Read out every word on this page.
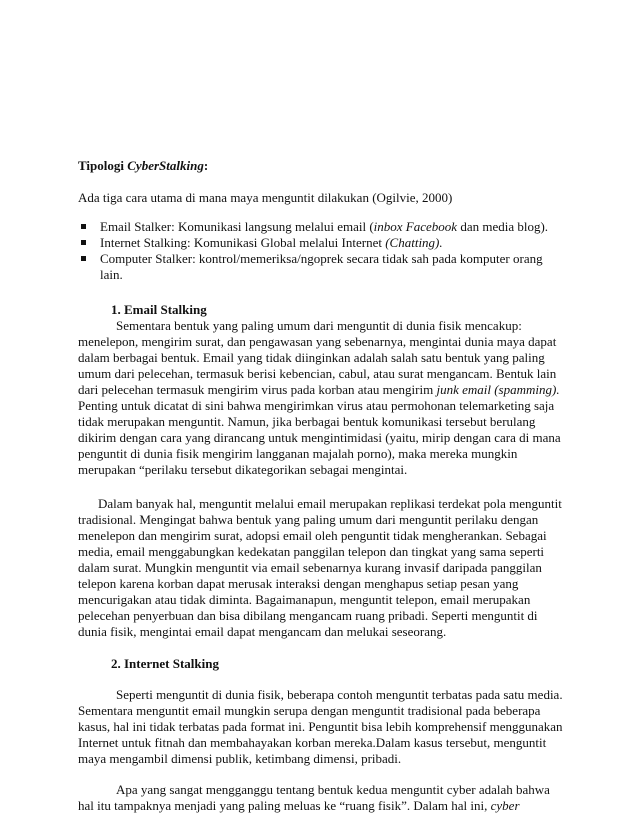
Tipologi CyberStalking:
Ada tiga cara utama di mana maya menguntit dilakukan (Ogilvie, 2000)
Email Stalker: Komunikasi langsung melalui email (inbox Facebook dan media blog).
Internet Stalking: Komunikasi Global melalui Internet (Chatting).
Computer Stalker: kontrol/memeriksa/ngoprek secara tidak sah pada komputer orang lain.
1. Email Stalking

Sementara bentuk yang paling umum dari menguntit di dunia fisik mencakup: menelepon, mengirim surat, dan pengawasan yang sebenarnya, mengintai dunia maya dapat dalam berbagai bentuk. Email yang tidak diinginkan adalah salah satu bentuk yang paling umum dari pelecehan, termasuk berisi kebencian, cabul, atau surat mengancam. Bentuk lain dari pelecehan termasuk mengirim virus pada korban atau mengirim junk email (spamming). Penting untuk dicatat di sini bahwa mengirimkan virus atau permohonan telemarketing saja tidak merupakan menguntit. Namun, jika berbagai bentuk komunikasi tersebut berulang dikirim dengan cara yang dirancang untuk mengintimidasi (yaitu, mirip dengan cara di mana penguntit di dunia fisik mengirim langganan majalah porno), maka mereka mungkin merupakan “perilaku tersebut dikategorikan sebagai mengintai.

Dalam banyak hal, menguntit melalui email merupakan replikasi terdekat pola menguntit tradisional. Mengingat bahwa bentuk yang paling umum dari menguntit perilaku dengan menelepon dan mengirim surat, adopsi email oleh penguntit tidak mengherankan. Sebagai media, email menggabungkan kedekatan panggilan telepon dan tingkat yang sama seperti dalam surat. Mungkin menguntit via email sebenarnya kurang invasif daripada panggilan telepon karena korban dapat merusak interaksi dengan menghapus setiap pesan yang mencurigakan atau tidak diminta. Bagaimanapun, menguntit telepon, email merupakan pelecehan penyerbuan dan bisa dibilang mengancam ruang pribadi. Seperti menguntit di dunia fisik, mengintai email dapat mengancam dan melukai seseorang.

2. Internet Stalking

Seperti menguntit di dunia fisik, beberapa contoh menguntit terbatas pada satu media. Sementara menguntit email mungkin serupa dengan menguntit tradisional pada beberapa kasus, hal ini tidak terbatas pada format ini. Penguntit bisa lebih komprehensif menggunakan Internet untuk fitnah dan membahayakan korban mereka.Dalam kasus tersebut, menguntit maya mengambil dimensi publik, ketimbang dimensi, pribadi.

Apa yang sangat mengganggu tentang bentuk kedua menguntit cyber adalah bahwa hal itu tampaknya menjadi yang paling meluas ke “ruang fisik”. Dalam hal ini, cyber
